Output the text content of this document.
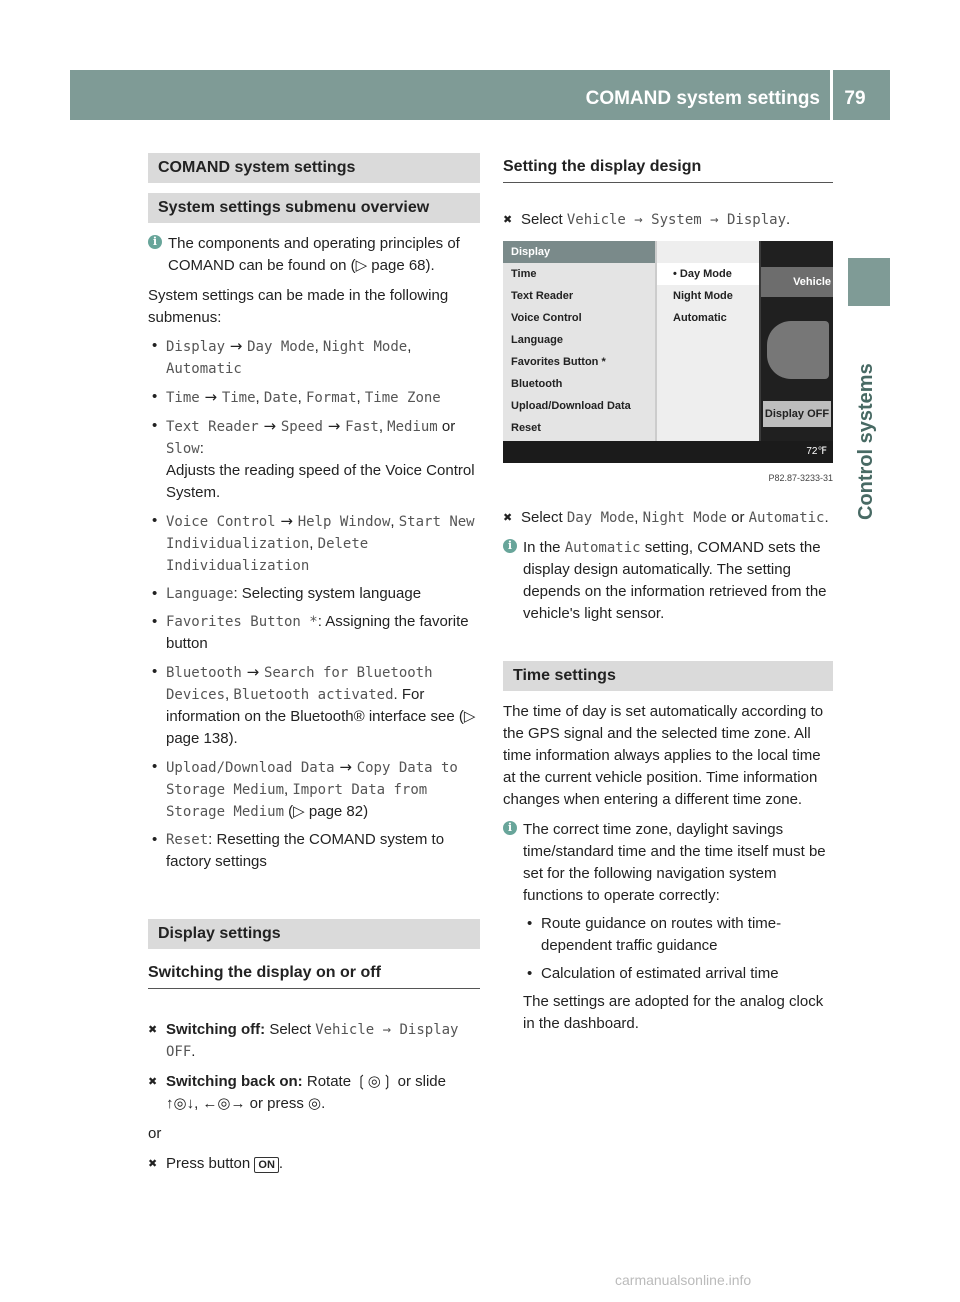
COMAND system settings	79
Control systems
COMAND system settings
System settings submenu overview
i The components and operating principles of COMAND can be found on (▷ page 68).

System settings can be made in the following submenus:

• Display → Day Mode, Night Mode, Automatic
• Time → Time, Date, Format, Time Zone
• Text Reader → Speed → Fast, Medium or Slow:
Adjusts the reading speed of the Voice Control System.
• Voice Control → Help Window, Start New Individualization, Delete Individualization
• Language: Selecting system language
• Favorites Button *: Assigning the favorite button
• Bluetooth → Search for Bluetooth Devices, Bluetooth activated. For information on the Bluetooth® interface see (▷ page 138).
• Upload/Download Data → Copy Data to Storage Medium, Import Data from Storage Medium (▷ page 82)
• Reset: Resetting the COMAND system to factory settings
Display settings
Switching the display on or off
✖ Switching off: Select Vehicle → Display OFF.
✖ Switching back on: Rotate ❲◎❳ or slide ↑◎↓, ←◎→ or press ◎.

or

✖ Press button ON .
Setting the display design
✖ Select Vehicle → System → Display.
Display
Time
Text Reader
Voice Control
Language
Favorites Button *
Bluetooth
Upload/Download Data
Reset
• Day Mode
Night Mode
Automatic
Vehicle
Display OFF
72℉
P82.87-3233-31
✖ Select Day Mode, Night Mode or Automatic.
i In the Automatic setting, COMAND sets the display design automatically. The setting depends on the information retrieved from the vehicle's light sensor.
Time settings

The time of day is set automatically according to the GPS signal and the selected time zone. All time information always applies to the local time at the current vehicle position. Time information changes when entering a different time zone.

i The correct time zone, daylight savings time/standard time and the time itself must be set for the following navigation system functions to operate correctly:
• Route guidance on routes with time-dependent traffic guidance
• Calculation of estimated arrival time

The settings are adopted for the analog clock in the dashboard.

carmanualsonline.info
